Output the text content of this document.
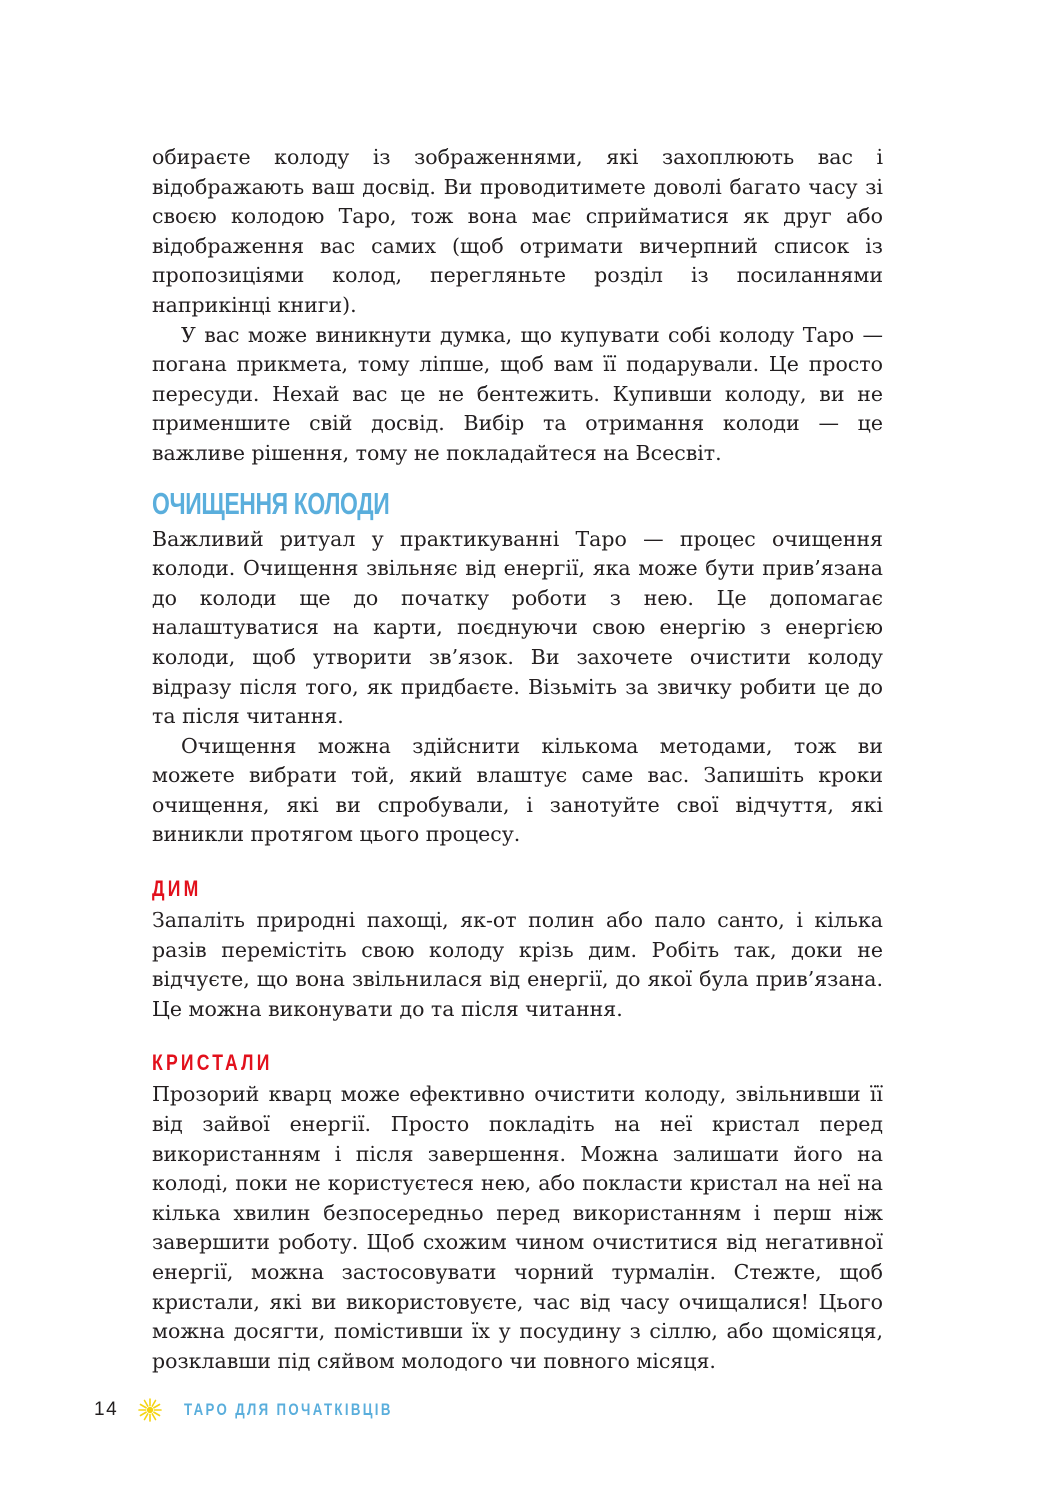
обираєте колоду із зображеннями, які захоплюють вас і відображають ваш досвід. Ви проводитимете доволі багато часу зі своєю колодою Таро, тож вона має сприйматися як друг або відображення вас самих (щоб отримати вичерпний список із пропозиціями колод, перегляньте розділ із посиланнями наприкінці книги).

У вас може виникнути думка, що купувати собі колоду Таро — погана прикмета, тому ліпше, щоб вам її подарували. Це просто пересуди. Нехай вас це не бентежить. Купивши колоду, ви не применшите свій досвід. Вибір та отримання колоди — це важливе рішення, тому не покладайтеся на Всесвіт.

ОЧИЩЕННЯ КОЛОДИ

Важливий ритуал у практикуванні Таро — процес очищення колоди. Очищення звільняє від енергії, яка може бути прив’язана до колоди ще до початку роботи з нею. Це допомагає налаштуватися на карти, поєднуючи свою енергію з енергією колоди, щоб утворити зв’язок. Ви захочете очистити колоду відразу після того, як придбаєте. Візьміть за звичку робити це до та після читання.

Очищення можна здійснити кількома методами, тож ви можете вибрати той, який влаштує саме вас. Запишіть кроки очищення, які ви спробували, і занотуйте свої відчуття, які виникли протягом цього процесу.

ДИМ

Запаліть природні пахощі, як-от полин або пало санто, і кілька разів перемістіть свою колоду крізь дим. Робіть так, доки не відчуєте, що вона звільнилася від енергії, до якої була прив’язана. Це можна виконувати до та після читання.

КРИСТАЛИ

Прозорий кварц може ефективно очистити колоду, звільнивши її від зайвої енергії. Просто покладіть на неї кристал перед використанням і після завершення. Можна залишати його на колоді, поки не користуєтеся нею, або покласти кристал на неї на кілька хвилин безпосередньо перед використанням і перш ніж завершити роботу. Щоб схожим чином очиститися від негативної енергії, можна застосовувати чорний турмалін. Стежте, щоб кристали, які ви використовуєте, час від часу очищалися! Цього можна досягти, помістивши їх у посудину з сіллю, або щомісяця, розклавши під сяйвом молодого чи повного місяця.

14	ТАРО ДЛЯ ПОЧАТКІВЦІВ
